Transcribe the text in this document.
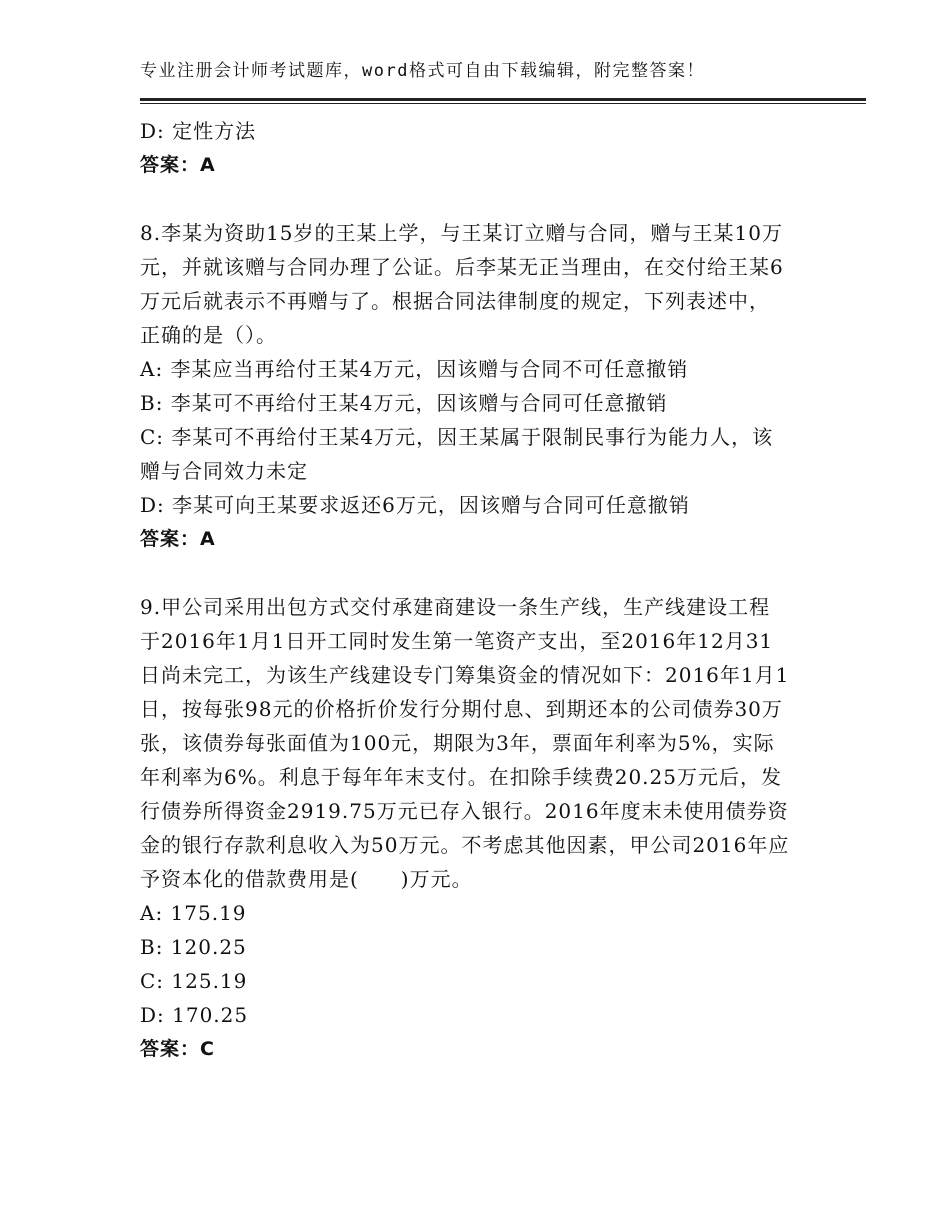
专业注册会计师考试题库，word格式可自由下载编辑，附完整答案！
D: 定性方法
答案：A
8.李某为资助15岁的王某上学，与王某订立赠与合同，赠与王某10万
元，并就该赠与合同办理了公证。后李某无正当理由，在交付给王某6
万元后就表示不再赠与了。根据合同法律制度的规定，下列表述中，
正确的是（）。
A: 李某应当再给付王某4万元，因该赠与合同不可任意撤销
B: 李某可不再给付王某4万元，因该赠与合同可任意撤销
C: 李某可不再给付王某4万元，因王某属于限制民事行为能力人，该
赠与合同效力未定
D: 李某可向王某要求返还6万元，因该赠与合同可任意撤销
答案：A
9.甲公司采用出包方式交付承建商建设一条生产线，生产线建设工程
于2016年1月1日开工同时发生第一笔资产支出，至2016年12月31
日尚未完工，为该生产线建设专门筹集资金的情况如下：2016年1月1
日，按每张98元的价格折价发行分期付息、到期还本的公司债券30万
张，该债券每张面值为100元，期限为3年，票面年利率为5%，实际
年利率为6%。利息于每年年末支付。在扣除手续费20.25万元后，发
行债券所得资金2919.75万元已存入银行。2016年度末未使用债券资
金的银行存款利息收入为50万元。不考虑其他因素，甲公司2016年应
予资本化的借款费用是(　　)万元。
A: 175.19
B: 120.25
C: 125.19
D: 170.25
答案：C
